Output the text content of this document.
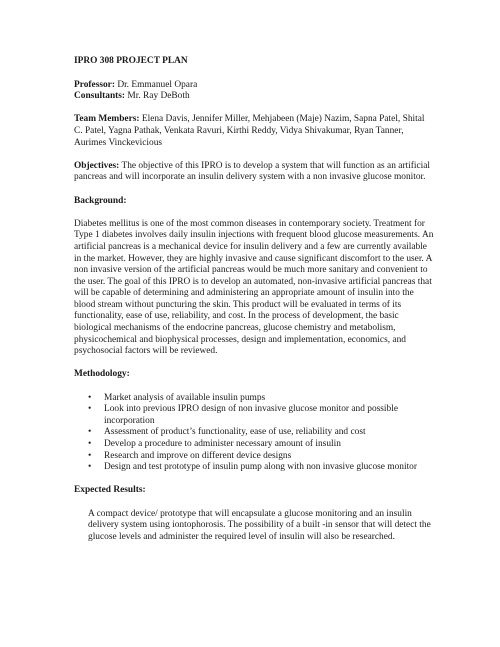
IPRO 308 PROJECT PLAN

Professor: Dr. Emmanuel Opara

Consultants: Mr. Ray DeBoth

Team Members: Elena Davis, Jennifer Miller, Mehjabeen (Maje) Nazim, Sapna Patel, Shital C. Patel, Yagna Pathak, Venkata Ravuri, Kirthi Reddy, Vidya Shivakumar, Ryan Tanner, Aurimes Vinckevicious

Objectives: The objective of this IPRO is to develop a system that will function as an artificial pancreas and will incorporate an insulin delivery system with a non invasive glucose monitor.

Background:

Diabetes mellitus is one of the most common diseases in contemporary society. Treatment for Type 1 diabetes involves daily insulin injections with frequent blood glucose measurements. An artificial pancreas is a mechanical device for insulin delivery and a few are currently available in the market. However, they are highly invasive and cause significant discomfort to the user. A non invasive version of the artificial pancreas would be much more sanitary and convenient to the user. The goal of this IPRO is to develop an automated, non-invasive artificial pancreas that will be capable of determining and administering an appropriate amount of insulin into the blood stream without puncturing the skin. This product will be evaluated in terms of its functionality, ease of use, reliability, and cost. In the process of development, the basic biological mechanisms of the endocrine pancreas, glucose chemistry and metabolism, physicochemical and biophysical processes, design and implementation, economics, and psychosocial factors will be reviewed.

Methodology:

• Market analysis of available insulin pumps
• Look into previous IPRO design of non invasive glucose monitor and possible incorporation
• Assessment of product’s functionality, ease of use, reliability and cost
• Develop a procedure to administer necessary amount of insulin
• Research and improve on different device designs
• Design and test prototype of insulin pump along with non invasive glucose monitor

Expected Results:

A compact device/ prototype that will encapsulate a glucose monitoring and an insulin delivery system using iontophorosis. The possibility of a built -in sensor that will detect the glucose levels and administer the required level of insulin will also be researched.
